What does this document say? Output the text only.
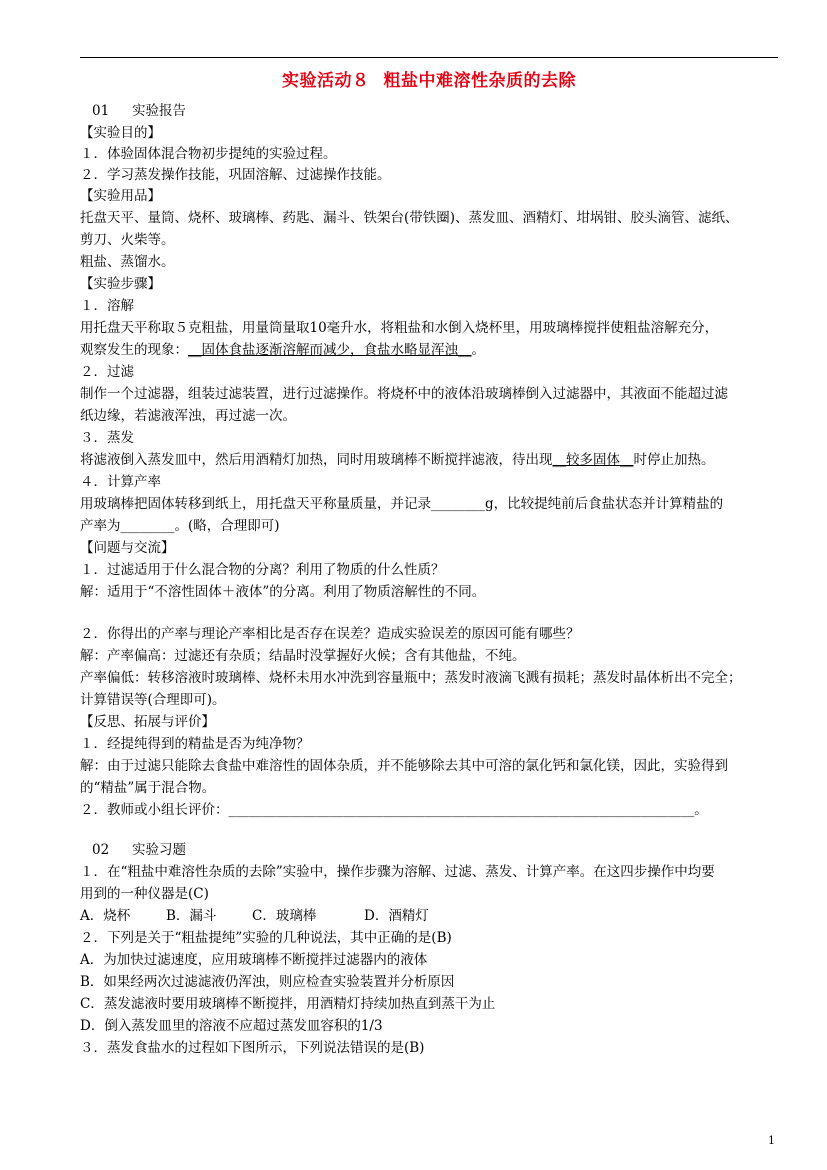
实验活动８ 粗盐中难溶性杂质的去除
01 实验报告
【实验目的】
１．体验固体混合物初步提纯的实验过程。
２．学习蒸发操作技能，巩固溶解、过滤操作技能。
【实验用品】
托盘天平、量筒、烧杯、玻璃棒、药匙、漏斗、铁架台(带铁圈)、蒸发皿、酒精灯、坩埚钳、胶头滴管、滤纸、
剪刀、火柴等。
粗盐、蒸馏水。
【实验步骤】
１．溶解
用托盘天平称取５克粗盐，用量筒量取10毫升水，将粗盐和水倒入烧杯里，用玻璃棒搅拌使粗盐溶解充分，
观察发生的现象：__固体食盐逐渐溶解而减少，食盐水略显浑浊__。
２．过滤
制作一个过滤器，组装过滤装置，进行过滤操作。将烧杯中的液体沿玻璃棒倒入过滤器中，其液面不能超过滤
纸边缘，若滤液浑浊，再过滤一次。
３．蒸发
将滤液倒入蒸发皿中，然后用酒精灯加热，同时用玻璃棒不断搅拌滤液，待出现__较多固体__时停止加热。
４．计算产率
用玻璃棒把固体转移到纸上，用托盘天平称量质量，并记录________g，比较提纯前后食盐状态并计算精盐的
产率为________。(略，合理即可)
【问题与交流】
１．过滤适用于什么混合物的分离？利用了物质的什么性质？
解：适用于“不溶性固体＋液体”的分离。利用了物质溶解性的不同。
２．你得出的产率与理论产率相比是否存在误差？造成实验误差的原因可能有哪些？
解：产率偏高：过滤还有杂质；结晶时没掌握好火候；含有其他盐，不纯。
产率偏低：转移溶液时玻璃棒、烧杯未用水冲洗到容量瓶中；蒸发时液滴飞溅有损耗；蒸发时晶体析出不完全；
计算错误等(合理即可)。
【反思、拓展与评价】
１．经提纯得到的精盐是否为纯净物？
解：由于过滤只能除去食盐中难溶性的固体杂质，并不能够除去其中可溶的氯化钙和氯化镁，因此，实验得到
的“精盐”属于混合物。
２．教师或小组长评价：_____________________________________________________________________。
02 实验习题
１．在“粗盐中难溶性杂质的去除”实验中，操作步骤为溶解、过滤、蒸发、计算产率。在这四步操作中均要
用到的一种仪器是(C)
A．烧杯	B．漏斗	C．玻璃棒	D．酒精灯
２．下列是关于“粗盐提纯”实验的几种说法，其中正确的是(B)
A．为加快过滤速度，应用玻璃棒不断搅拌过滤器内的液体
B．如果经两次过滤滤液仍浑浊，则应检查实验装置并分析原因
C．蒸发滤液时要用玻璃棒不断搅拌，用酒精灯持续加热直到蒸干为止
D．倒入蒸发皿里的溶液不应超过蒸发皿容积的1/3
３．蒸发食盐水的过程如下图所示，下列说法错误的是(B)
1
